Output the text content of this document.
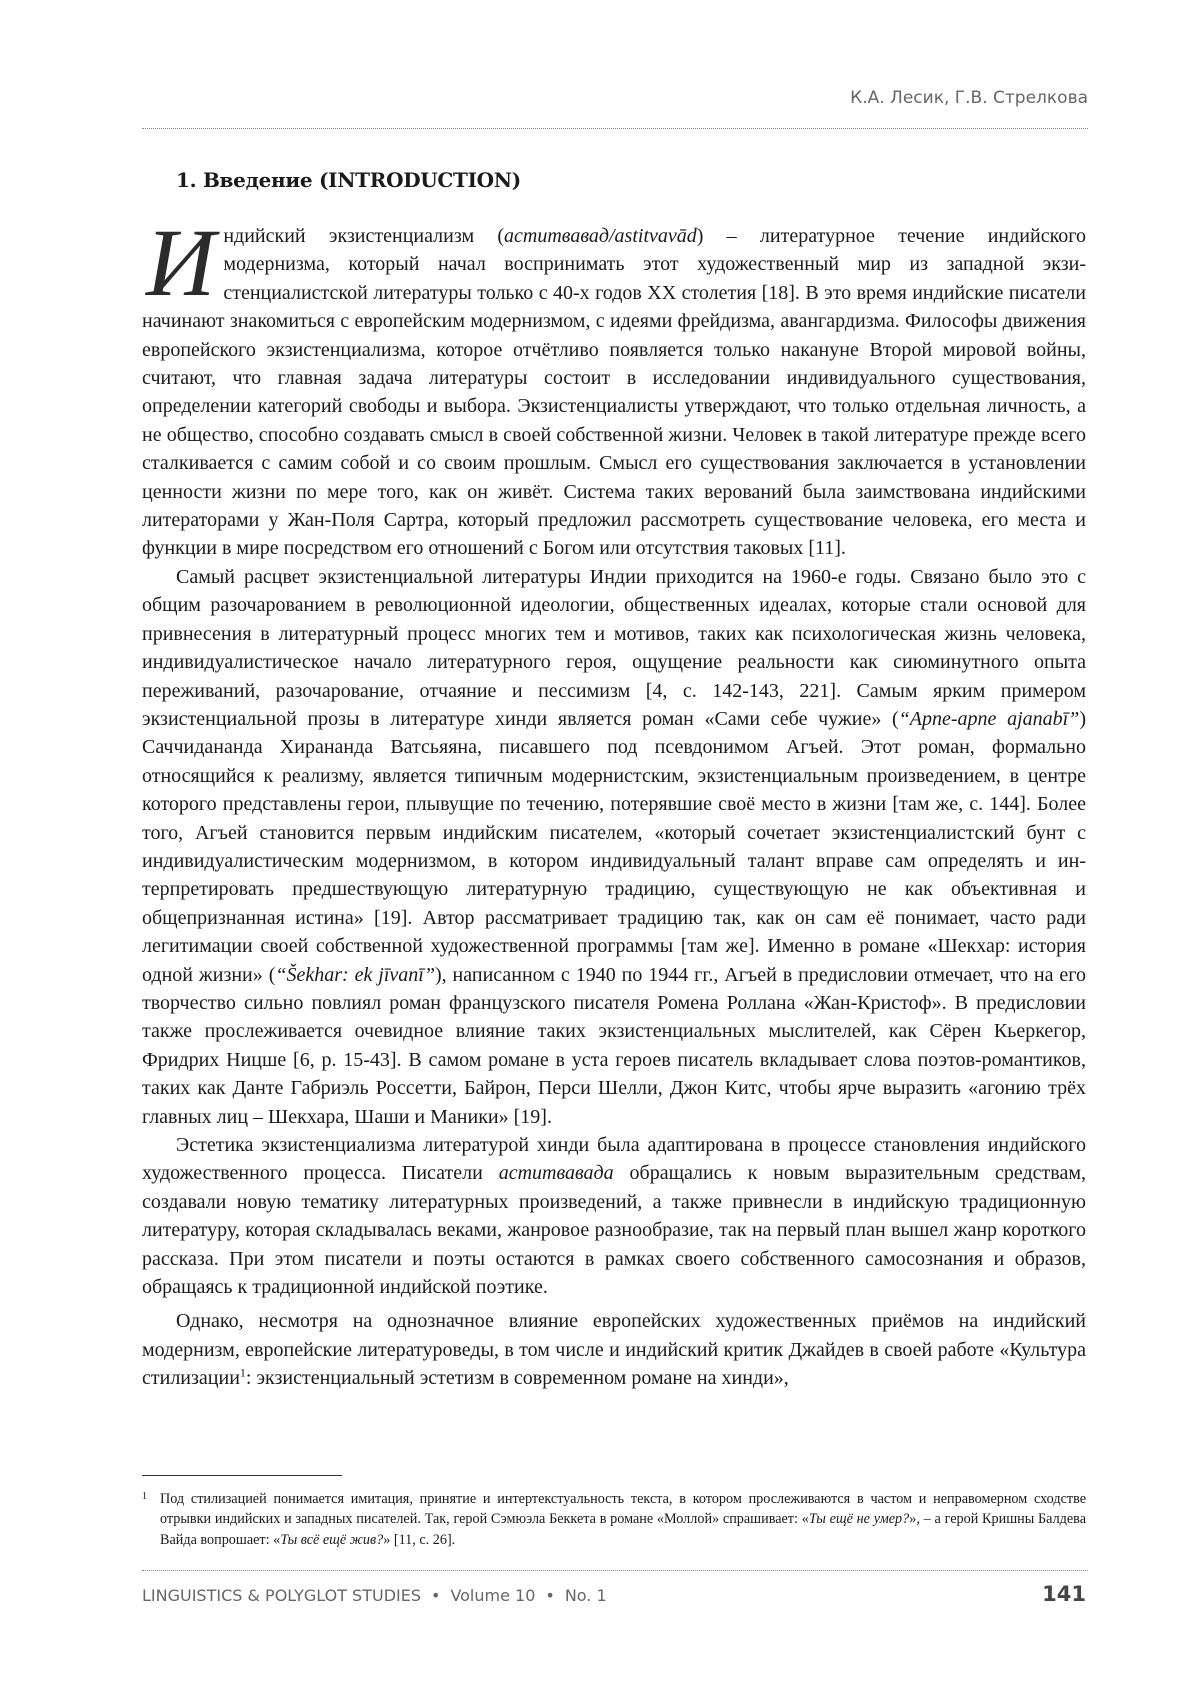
К.А. Лесик, Г.В. Стрелкова
1. Введение (INTRODUCTION)

Индийский экзистенциализм (аститвавад/astitvavād) – литературное течение индийского модернизма, который начал воспринимать этот художественный мир из западной экзистенциалистской литературы только с 40-х годов XX столетия [18]. В это время индийские писатели начинают знакомиться с европейским модернизмом, с идеями фрейдизма, авангардизма. Философы движения европейского экзистенциализма, которое отчётливо появляется только накануне Второй мировой войны, считают, что главная задача литературы состоит в исследовании индивидуального существования, определении категорий свободы и выбора. Экзистенциалисты утверждают, что только отдельная личность, а не общество, способно создавать смысл в своей собственной жизни. Человек в такой литературе прежде всего сталкивается с самим собой и со своим прошлым. Смысл его существования заключается в установлении ценности жизни по мере того, как он живёт. Система таких верований была заимствована индийскими литераторами у Жан-Поля Сартра, который предложил рассмотреть существование человека, его места и функции в мире посредством его отношений с Богом или отсутствия таковых [11].

Самый расцвет экзистенциальной литературы Индии приходится на 1960-е годы. Связано было это с общим разочарованием в революционной идеологии, общественных идеалах, которые стали основой для привнесения в литературный процесс многих тем и мотивов, таких как психологическая жизнь человека, индивидуалистическое начало литературного героя, ощущение реальности как сиюминутного опыта переживаний, разочарование, отчаяние и пессимизм [4, с. 142-143, 221]. Самым ярким примером экзистенциальной прозы в литературе хинди является роман «Сами себе чужие» (“Apne-apne ajanabī”) Саччидананда Хирананда Ватсьяяна, писавшего под псевдонимом Агъей. Этот роман, формально относящийся к реализму, является типичным модернистским, экзистенциальным произведением, в центре которого представлены герои, плывущие по течению, потерявшие своё место в жизни [там же, с. 144]. Более того, Агъей становится первым индийским писателем, «который сочетает экзистенциалистский бунт с индивидуалистическим модернизмом, в котором индивидуальный талант вправе сам определять и интерпретировать предшествующую литературную традицию, существующую не как объективная и общепризнанная истина» [19]. Автор рассматривает традицию так, как он сам её понимает, часто ради легитимации своей собственной художественной программы [там же]. Именно в романе «Шекхар: история одной жизни» (“Šekhar: ek jīvanī”), написанном с 1940 по 1944 гг., Агъей в предисловии отмечает, что на его творчество сильно повлиял роман французского писателя Ромена Роллана «Жан-Кристоф». В предисловии также прослеживается очевидное влияние таких экзистенциальных мыслителей, как Сёрен Кьеркегор, Фридрих Ницше [6, p. 15-43]. В самом романе в уста героев писатель вкладывает слова поэтов-романтиков, таких как Данте Габриэль Россетти, Байрон, Перси Шелли, Джон Китс, чтобы ярче выразить «агонию трёх главных лиц – Шекхара, Шаши и Маники» [19].

Эстетика экзистенциализма литературой хинди была адаптирована в процессе становления индийского художественного процесса. Писатели аститвавада обращались к новым выразительным средствам, создавали новую тематику литературных произведений, а также привнесли в индийскую традиционную литературу, которая складывалась веками, жанровое разнообразие, так на первый план вышел жанр короткого рассказа. При этом писатели и поэты остаются в рамках своего собственного самосознания и образов, обращаясь к традиционной индийской поэтике.

Однако, несмотря на однозначное влияние европейских художественных приёмов на индийский модернизм, европейские литературоведы, в том числе и индийский критик Джайдев в своей работе «Культура стилизации$^1$: экзистенциальный эстетизм в современном романе на хинди»,

1 Под стилизацией понимается имитация, принятие и интертекстуальность текста, в котором прослеживаются в частом и неправомерном сходстве отрывки индийских и западных писателей. Так, герой Сэмюэла Беккета в романе «Моллой» спрашивает: «Ты ещё не умер?», – а герой Кришны Балдева Вайда вопрошает: «Ты всё ещё жив?» [11, с. 26].
LINGUISTICS & POLYGLOT STUDIES • Volume 10 • No. 1	141
